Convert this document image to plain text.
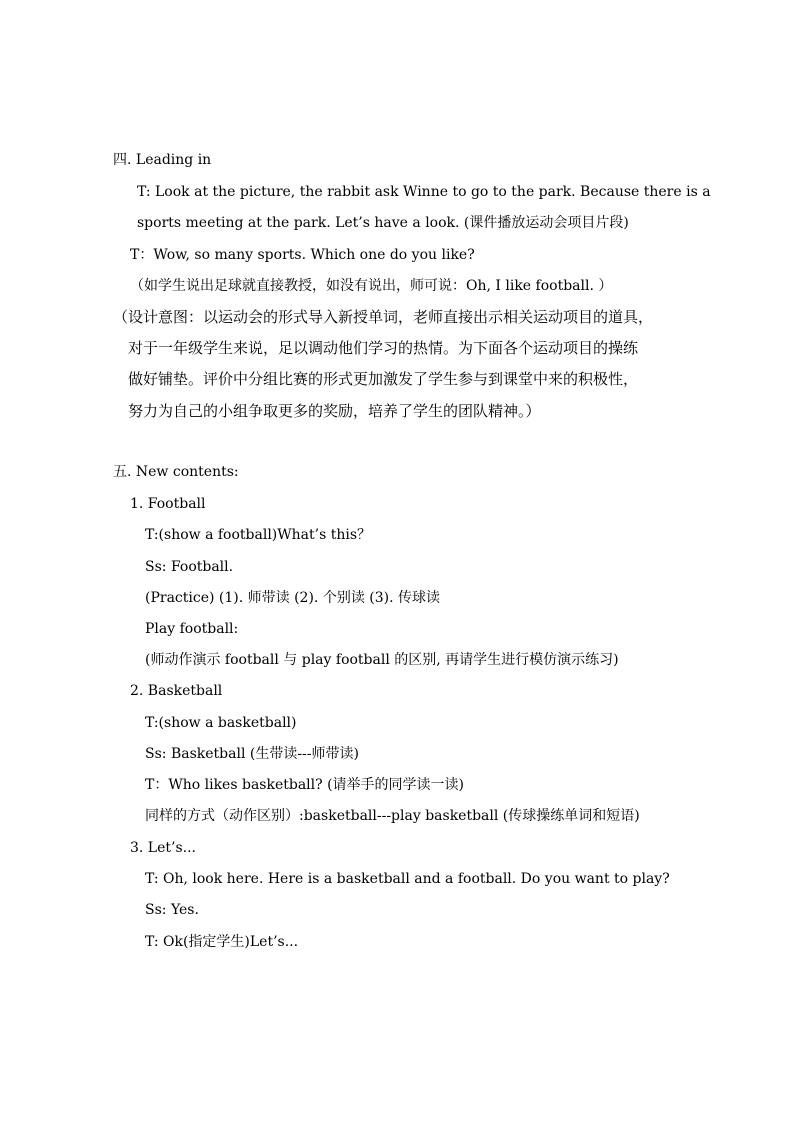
四. Leading in
T: Look at the picture, the rabbit ask Winne to go to the park. Because there is a
sports meeting at the park. Let’s have a look. (课件播放运动会项目片段)
T：Wow, so many sports. Which one do you like?
（如学生说出足球就直接教授，如没有说出，师可说：Oh, I like football. ）
（设计意图：以运动会的形式导入新授单词，老师直接出示相关运动项目的道具，
对于一年级学生来说，足以调动他们学习的热情。为下面各个运动项目的操练
做好铺垫。评价中分组比赛的形式更加激发了学生参与到课堂中来的积极性，
努力为自己的小组争取更多的奖励，培养了学生的团队精神。）
五. New contents:
1. Football
T:(show a football)What’s this？
Ss: Football.
(Practice) (1). 师带读 (2). 个别读 (3). 传球读
Play football:
(师动作演示 football 与 play football 的区别, 再请学生进行模仿演示练习)
2. Basketball
T:(show a basketball)
Ss: Basketball (生带读---师带读)
T：Who likes basketball? (请举手的同学读一读)
同样的方式（动作区别）:basketball---play basketball (传球操练单词和短语)
3. Let’s...
T: Oh, look here. Here is a basketball and a football. Do you want to play?
Ss: Yes.
T: Ok(指定学生)Let’s...
